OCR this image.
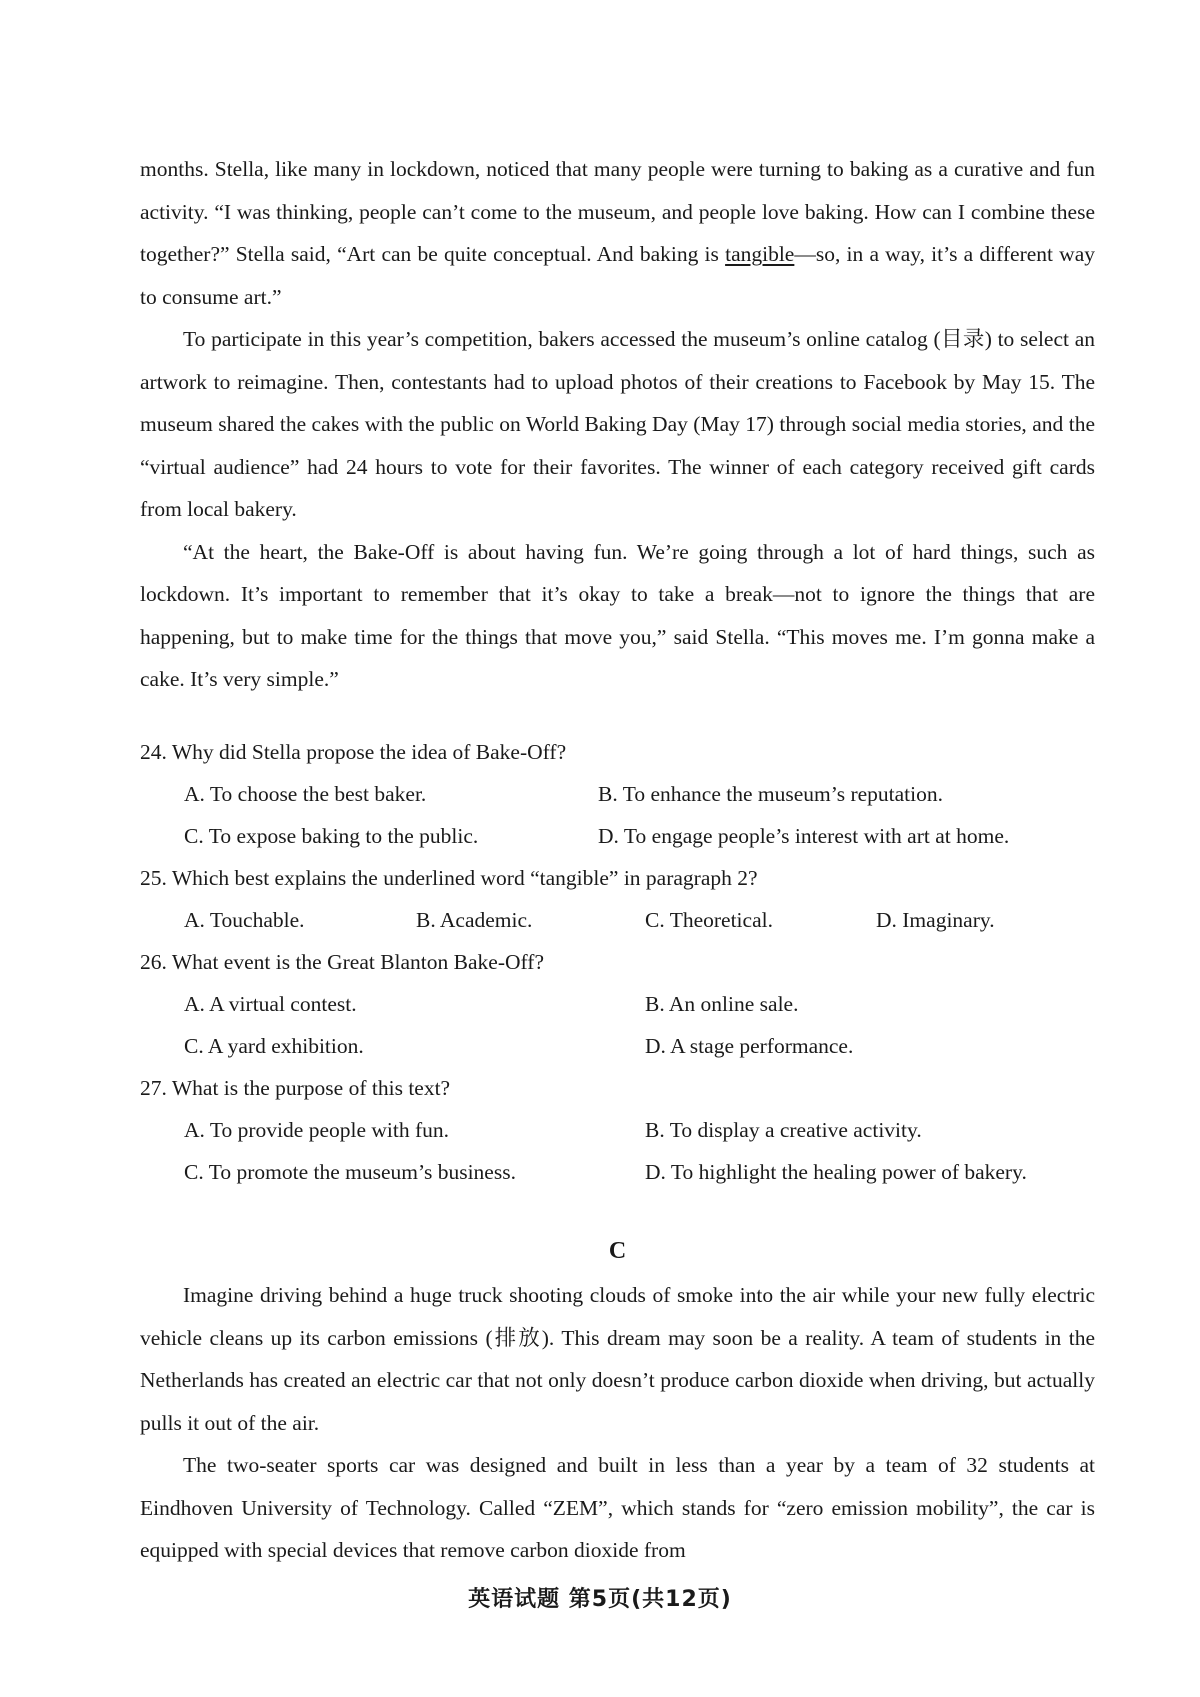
months. Stella, like many in lockdown, noticed that many people were turning to baking as a curative and fun activity. “I was thinking, people can’t come to the museum, and people love baking. How can I combine these together?” Stella said, “Art can be quite conceptual. And baking is tangible—so, in a way, it’s a different way to consume art.”

To participate in this year’s competition, bakers accessed the museum’s online catalog (目录) to select an artwork to reimagine. Then, contestants had to upload photos of their creations to Facebook by May 15. The museum shared the cakes with the public on World Baking Day (May 17) through social media stories, and the “virtual audience” had 24 hours to vote for their favorites. The winner of each category received gift cards from local bakery.

“At the heart, the Bake-Off is about having fun. We’re going through a lot of hard things, such as lockdown. It’s important to remember that it’s okay to take a break—not to ignore the things that are happening, but to make time for the things that move you,” said Stella. “This moves me. I’m gonna make a cake. It’s very simple.”

24. Why did Stella propose the idea of Bake-Off?
A. To choose the best baker.	B. To enhance the museum’s reputation.
C. To expose baking to the public.	D. To engage people’s interest with art at home.
25. Which best explains the underlined word “tangible” in paragraph 2?
A. Touchable.	B. Academic.	C. Theoretical.	D. Imaginary.
26. What event is the Great Blanton Bake-Off?
A. A virtual contest.	B. An online sale.
C. A yard exhibition.	D. A stage performance.
27. What is the purpose of this text?
A. To provide people with fun.	B. To display a creative activity.
C. To promote the museum’s business.	D. To highlight the healing power of bakery.
C

Imagine driving behind a huge truck shooting clouds of smoke into the air while your new fully electric vehicle cleans up its carbon emissions (排放). This dream may soon be a reality. A team of students in the Netherlands has created an electric car that not only doesn’t produce carbon dioxide when driving, but actually pulls it out of the air.

The two-seater sports car was designed and built in less than a year by a team of 32 students at Eindhoven University of Technology. Called “ZEM”, which stands for “zero emission mobility”, the car is equipped with special devices that remove carbon dioxide from

英语试题 第5页(共12页)
